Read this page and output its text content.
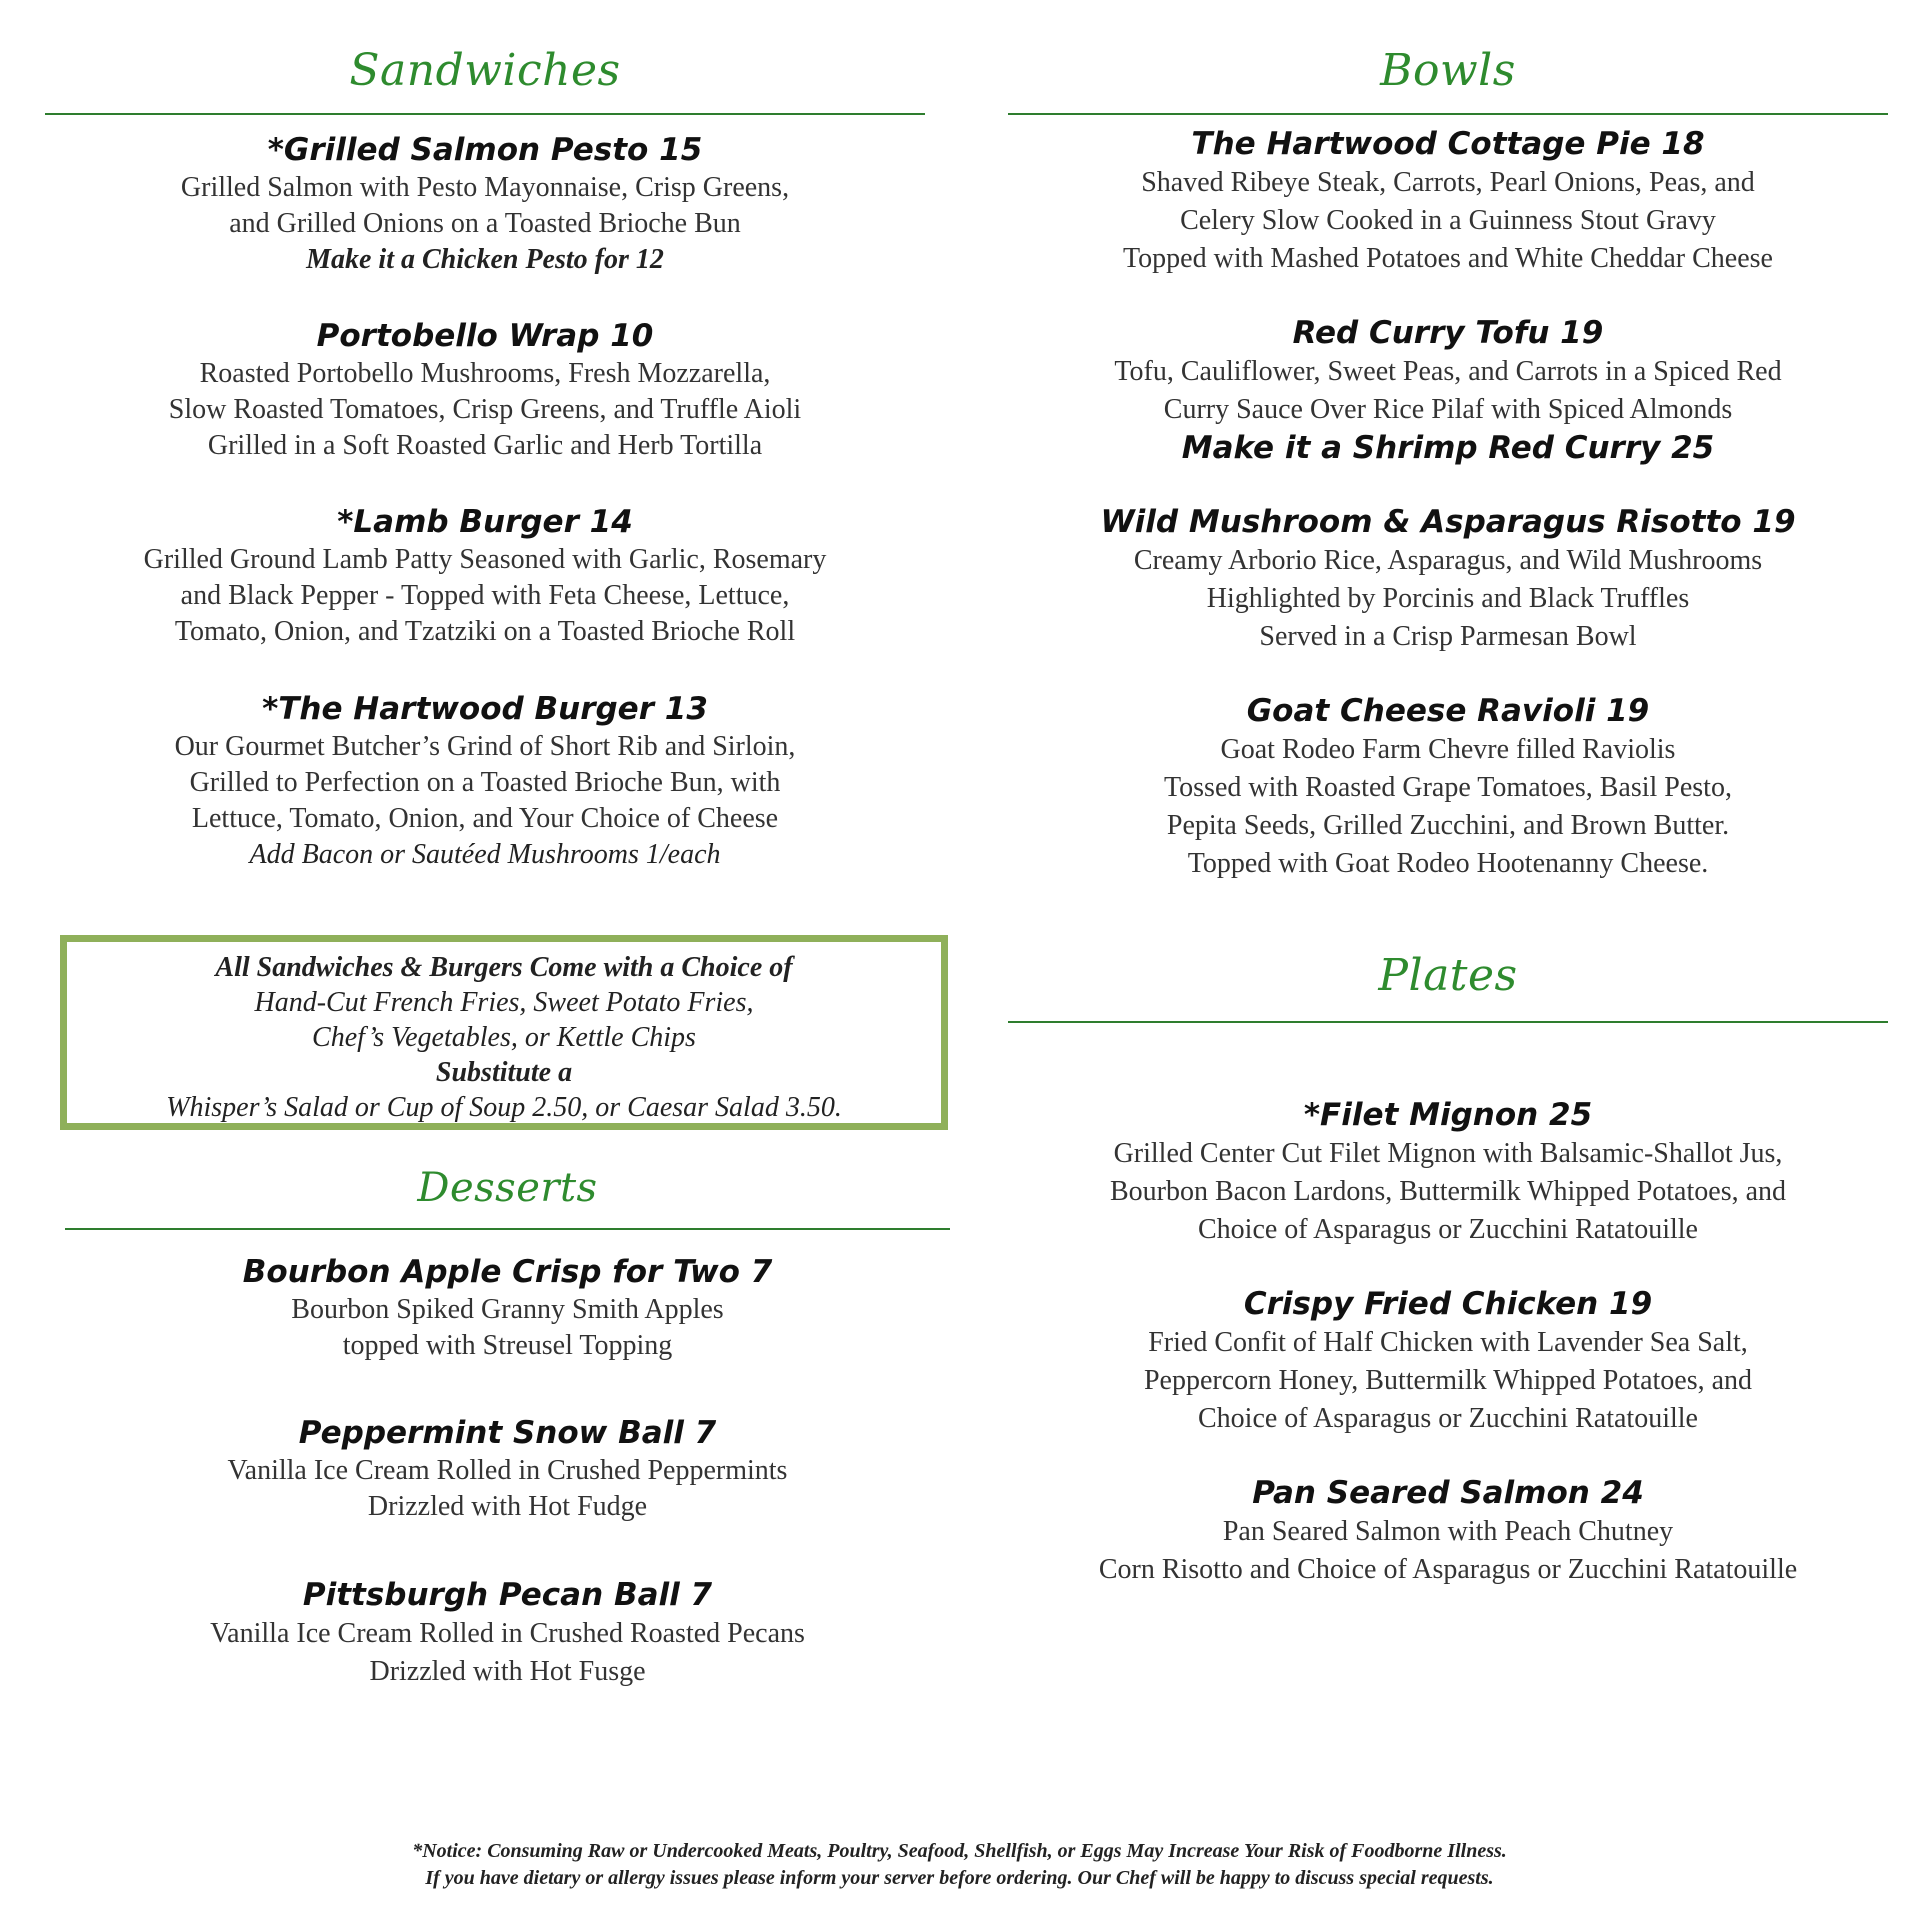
Sandwiches
*Grilled Salmon Pesto 15
Grilled Salmon with Pesto Mayonnaise, Crisp Greens,
and Grilled Onions on a Toasted Brioche Bun
Make it a Chicken Pesto for 12
Portobello Wrap 10
Roasted Portobello Mushrooms, Fresh Mozzarella,
Slow Roasted Tomatoes, Crisp Greens, and Truffle Aioli
Grilled in a Soft Roasted Garlic and Herb Tortilla
*Lamb Burger 14
Grilled Ground Lamb Patty Seasoned with Garlic, Rosemary
and Black Pepper - Topped with Feta Cheese, Lettuce,
Tomato, Onion, and Tzatziki on a Toasted Brioche Roll
*The Hartwood Burger 13
Our Gourmet Butcher’s Grind of Short Rib and Sirloin,
Grilled to Perfection on a Toasted Brioche Bun, with
Lettuce, Tomato, Onion, and Your Choice of Cheese
Add Bacon or Sautéed Mushrooms 1/each
All Sandwiches & Burgers Come with a Choice of
Hand-Cut French Fries, Sweet Potato Fries,
Chef’s Vegetables, or Kettle Chips
Substitute a
Whisper’s Salad or Cup of Soup 2.50, or Caesar Salad 3.50.
Desserts
Bourbon Apple Crisp for Two 7
Bourbon Spiked Granny Smith Apples
topped with Streusel Topping
Peppermint Snow Ball 7
Vanilla Ice Cream Rolled in Crushed Peppermints
Drizzled with Hot Fudge
Pittsburgh Pecan Ball 7
Vanilla Ice Cream Rolled in Crushed Roasted Pecans
Drizzled with Hot Fusge
Bowls
The Hartwood Cottage Pie 18
Shaved Ribeye Steak, Carrots, Pearl Onions, Peas, and
Celery Slow Cooked in a Guinness Stout Gravy
Topped with Mashed Potatoes and White Cheddar Cheese
Red Curry Tofu 19
Tofu, Cauliflower, Sweet Peas, and Carrots in a Spiced Red
Curry Sauce Over Rice Pilaf with Spiced Almonds
Make it a Shrimp Red Curry 25
Wild Mushroom & Asparagus Risotto 19
Creamy Arborio Rice, Asparagus, and Wild Mushrooms
Highlighted by Porcinis and Black Truffles
Served in a Crisp Parmesan Bowl
Goat Cheese Ravioli 19
Goat Rodeo Farm Chevre filled Raviolis
Tossed with Roasted Grape Tomatoes, Basil Pesto,
Pepita Seeds, Grilled Zucchini, and Brown Butter.
Topped with Goat Rodeo Hootenanny Cheese.
Plates
*Filet Mignon 25
Grilled Center Cut Filet Mignon with Balsamic-Shallot Jus,
Bourbon Bacon Lardons, Buttermilk Whipped Potatoes, and
Choice of Asparagus or Zucchini Ratatouille
Crispy Fried Chicken 19
Fried Confit of Half Chicken with Lavender Sea Salt,
Peppercorn Honey, Buttermilk Whipped Potatoes, and
Choice of Asparagus or Zucchini Ratatouille
Pan Seared Salmon 24
Pan Seared Salmon with Peach Chutney
Corn Risotto and Choice of Asparagus or Zucchini Ratatouille
*Notice: Consuming Raw or Undercooked Meats, Poultry, Seafood, Shellfish, or Eggs May Increase Your Risk of Foodborne Illness.
If you have dietary or allergy issues please inform your server before ordering. Our Chef will be happy to discuss special requests.
